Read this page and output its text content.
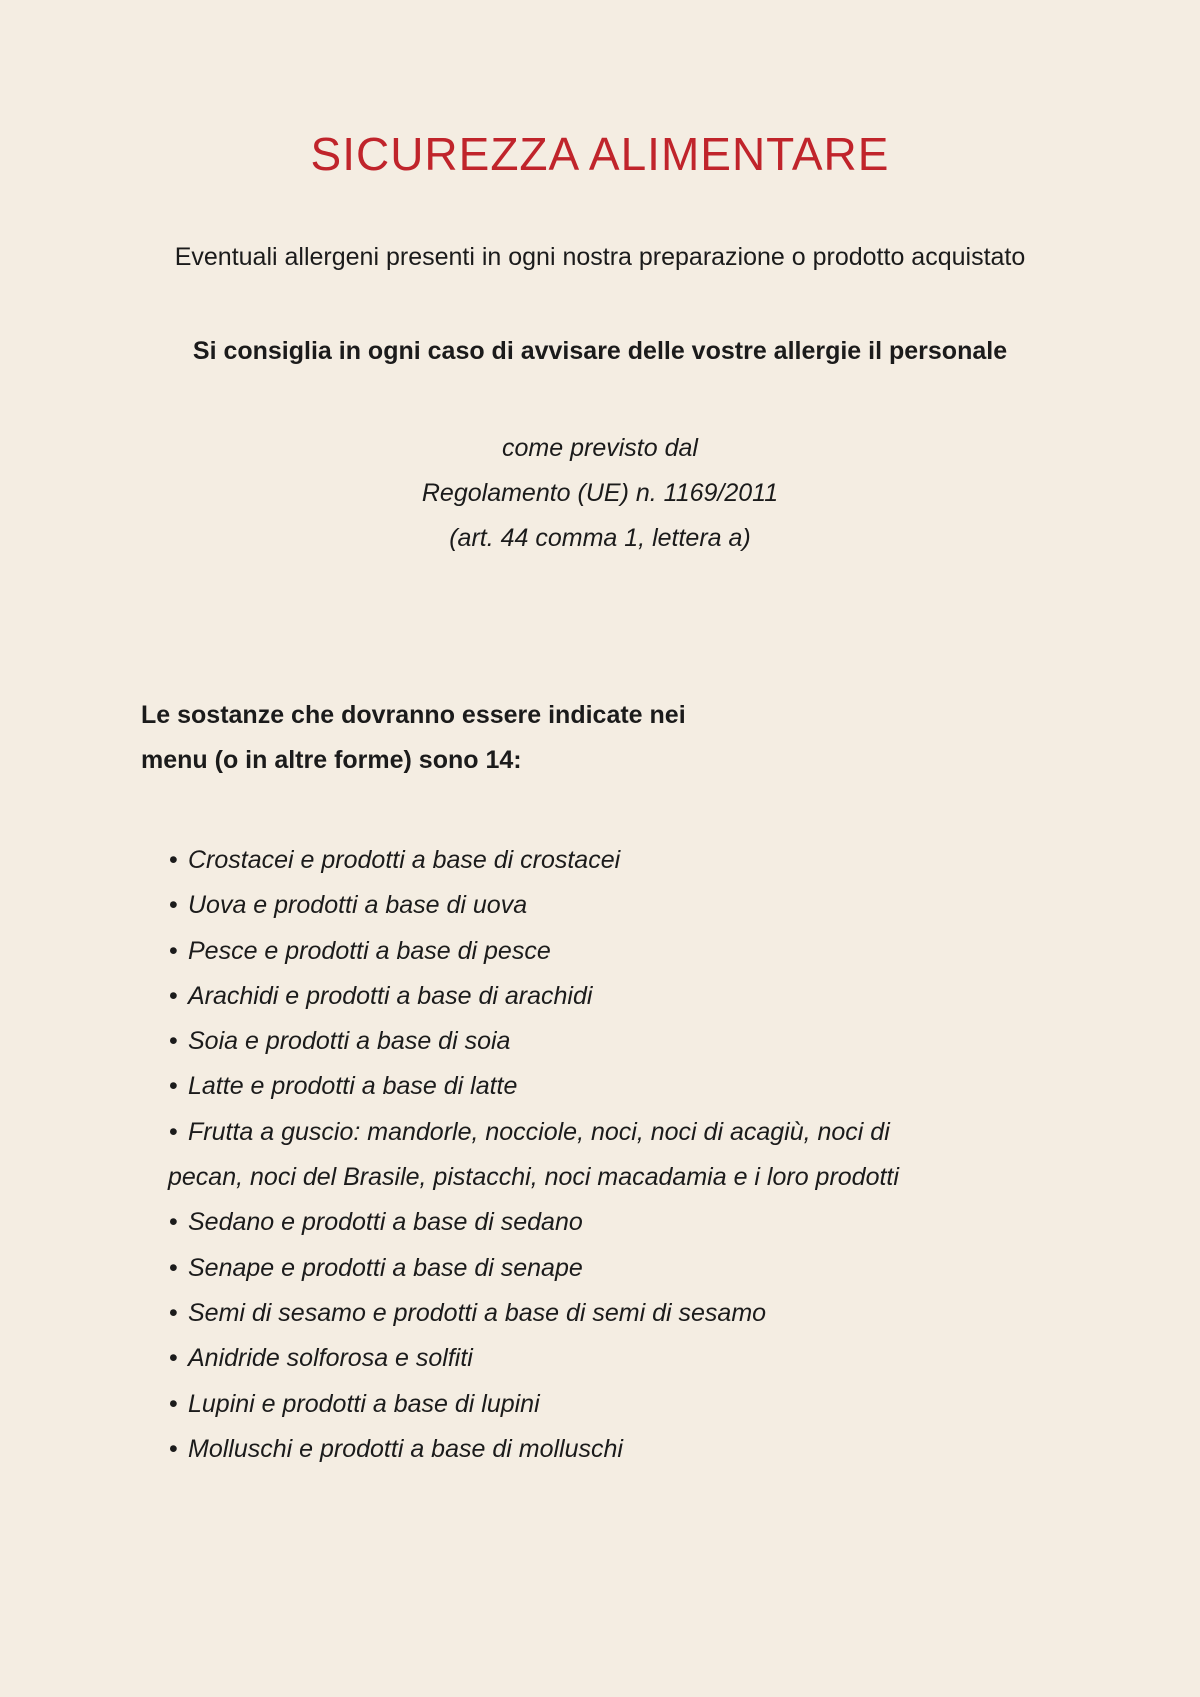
SICUREZZA ALIMENTARE

Eventuali allergeni presenti in ogni nostra preparazione o prodotto acquistato

Si consiglia in ogni caso di avvisare delle vostre allergie il personale

come previsto dal
Regolamento (UE) n. 1169/2011
(art. 44 comma 1, lettera a)

Le sostanze che dovranno essere indicate nei
menu (o in altre forme) sono 14:

• Crostacei e prodotti a base di crostacei
• Uova e prodotti a base di uova
• Pesce e prodotti a base di pesce
• Arachidi e prodotti a base di arachidi
• Soia e prodotti a base di soia
• Latte e prodotti a base di latte
• Frutta a guscio: mandorle, nocciole, noci, noci di acagiù, noci di
pecan, noci del Brasile, pistacchi, noci macadamia e i loro prodotti
• Sedano e prodotti a base di sedano
• Senape e prodotti a base di senape
• Semi di sesamo e prodotti a base di semi di sesamo
• Anidride solforosa e solfiti
• Lupini e prodotti a base di lupini
• Molluschi e prodotti a base di molluschi
